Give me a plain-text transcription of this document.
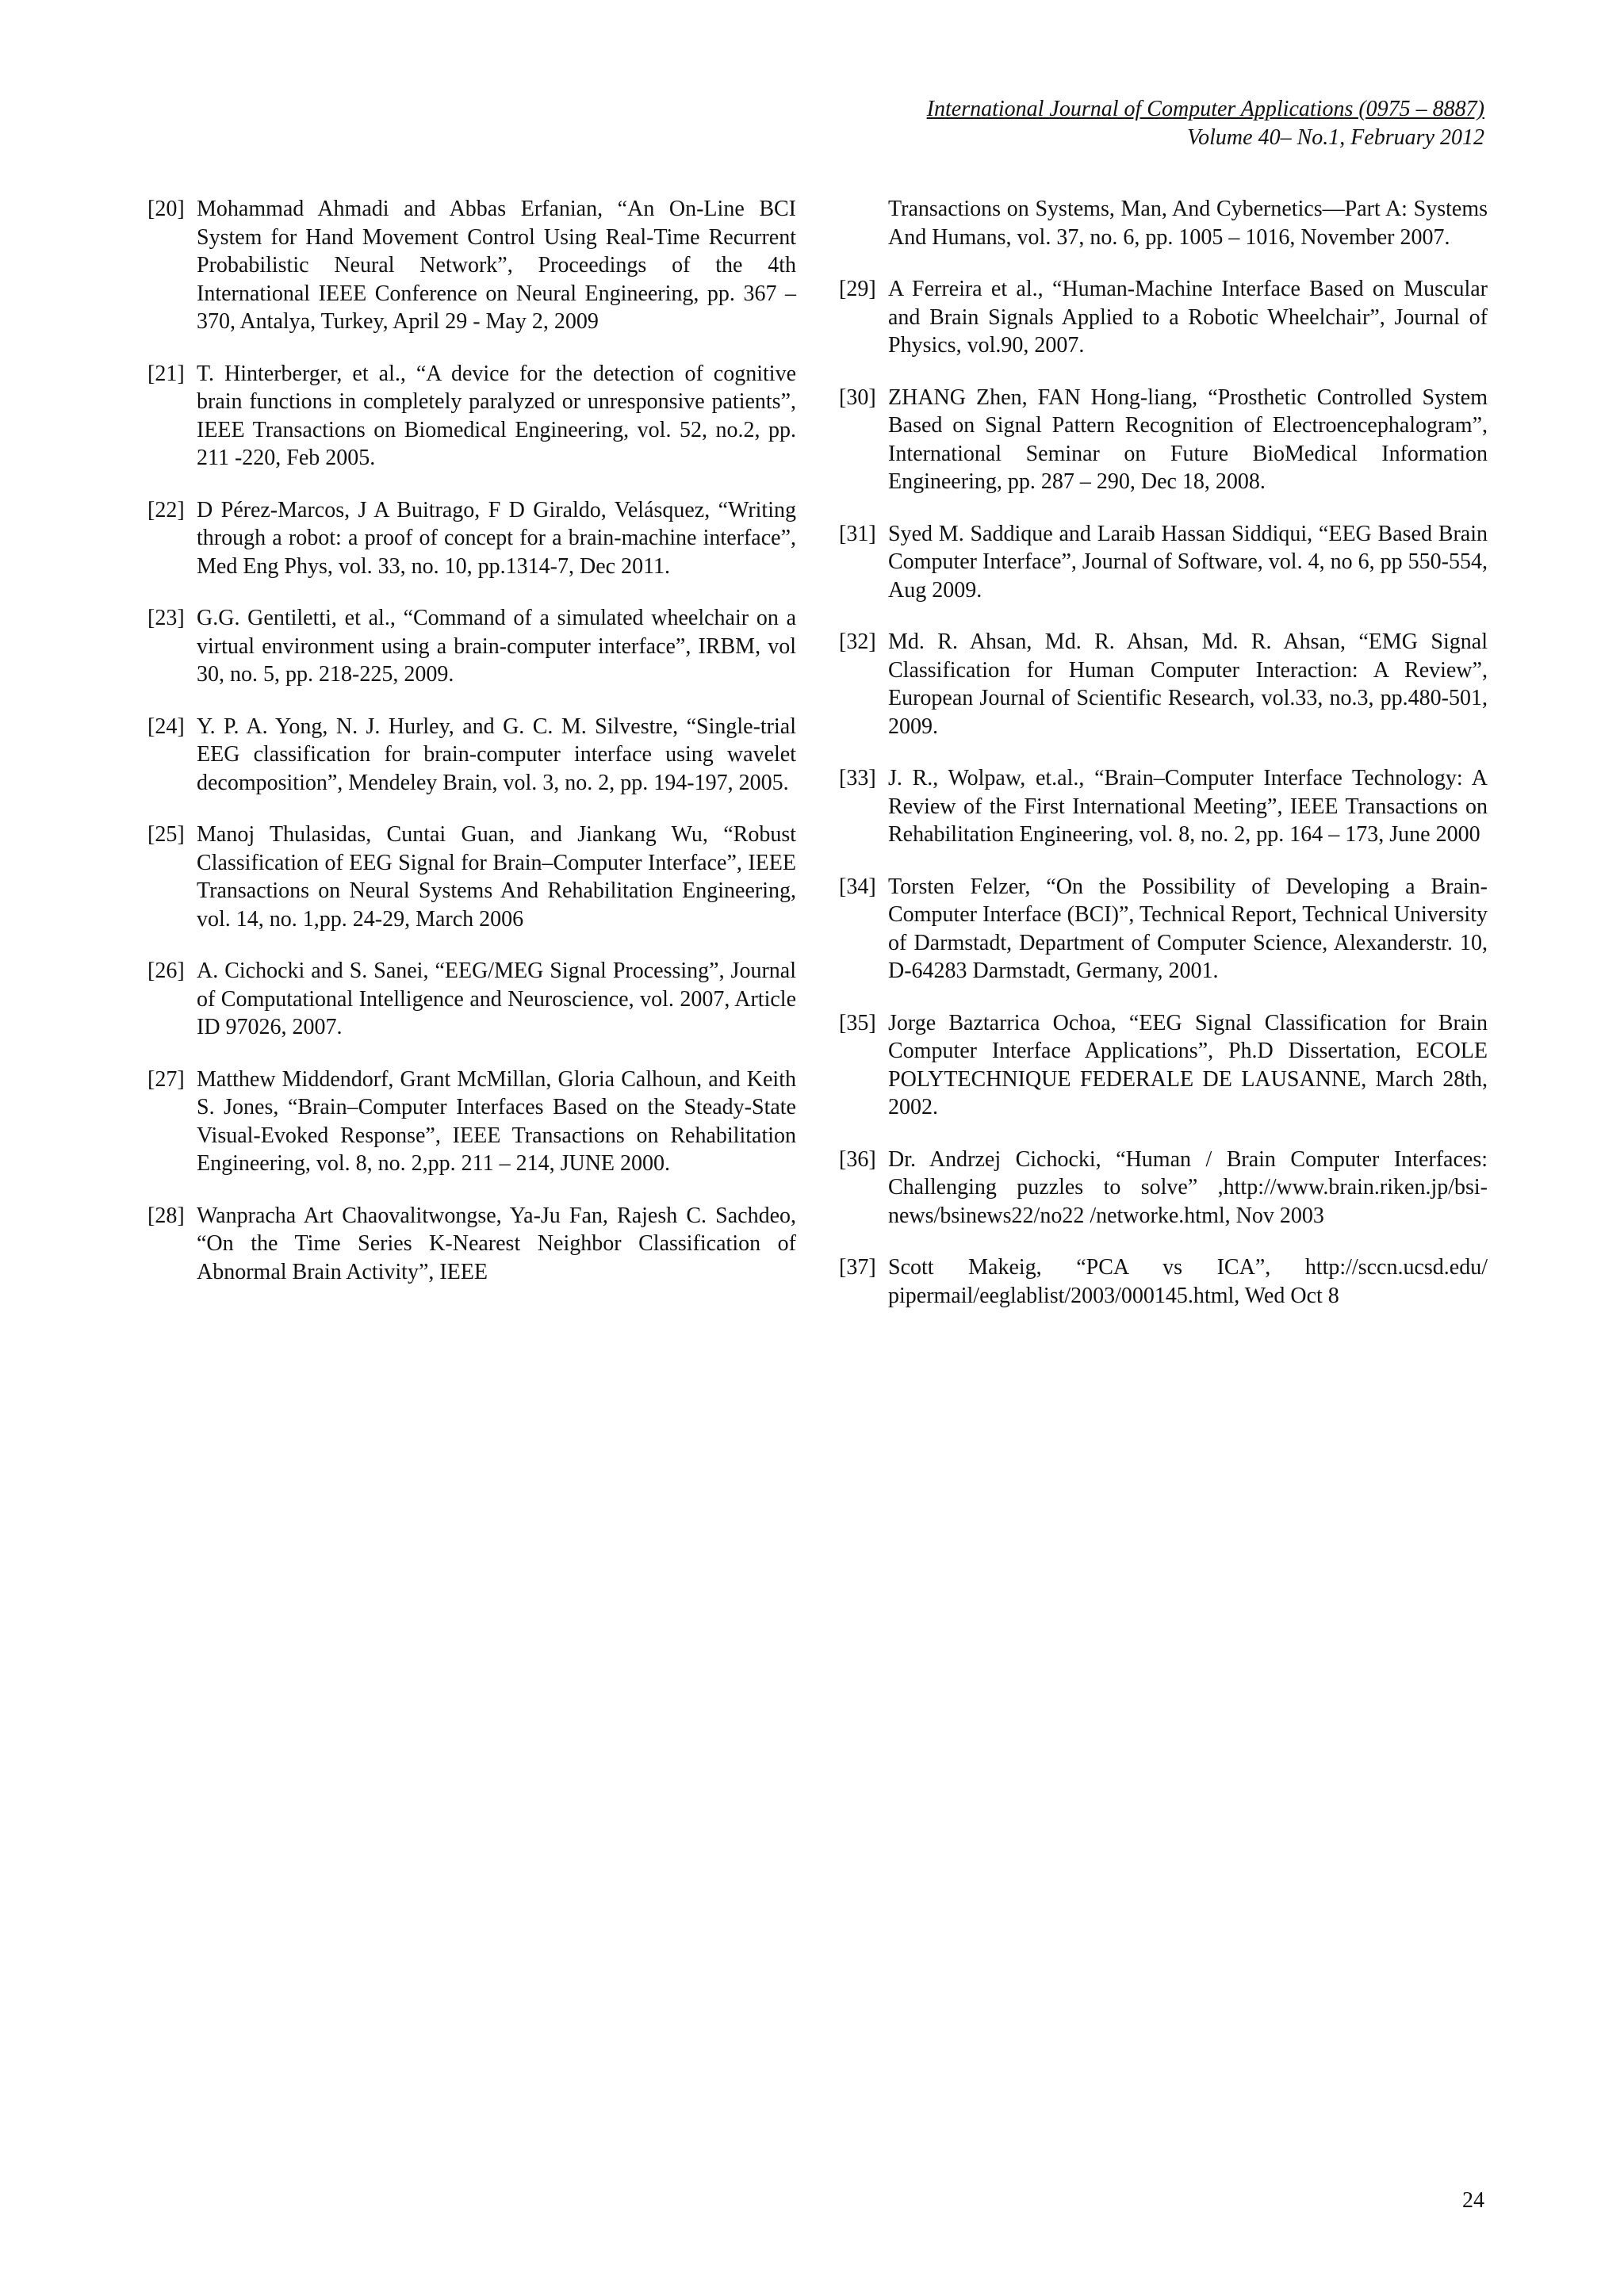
International Journal of Computer Applications (0975 – 8887)
Volume 40– No.1, February 2012
[20] Mohammad Ahmadi and Abbas Erfanian, “An On-Line BCI System for Hand Movement Control Using Real-Time Recurrent Probabilistic Neural Network”, Proceedings of the 4th International IEEE Conference on Neural Engineering, pp. 367 – 370, Antalya, Turkey, April 29 - May 2, 2009
[21] T. Hinterberger, et al., “A device for the detection of cognitive brain functions in completely paralyzed or unresponsive patients”, IEEE Transactions on Biomedical Engineering, vol. 52, no.2, pp. 211 -220, Feb 2005.
[22] D Pérez-Marcos, J A Buitrago, F D Giraldo, Velásquez, “Writing through a robot: a proof of concept for a brain-machine interface”, Med Eng Phys, vol. 33, no. 10, pp.1314-7, Dec 2011.
[23] G.G. Gentiletti, et al., “Command of a simulated wheelchair on a virtual environment using a brain-computer interface”, IRBM, vol 30, no. 5, pp. 218-225, 2009.
[24] Y. P. A. Yong, N. J. Hurley, and G. C. M. Silvestre, “Single-trial EEG classification for brain-computer interface using wavelet decomposition”, Mendeley Brain, vol. 3, no. 2, pp. 194-197, 2005.
[25] Manoj Thulasidas, Cuntai Guan, and Jiankang Wu, “Robust Classification of EEG Signal for Brain–Computer Interface”, IEEE Transactions on Neural Systems And Rehabilitation Engineering, vol. 14, no. 1,pp. 24-29, March 2006
[26] A. Cichocki and S. Sanei, “EEG/MEG Signal Processing”, Journal of Computational Intelligence and Neuroscience, vol. 2007, Article ID 97026, 2007.
[27] Matthew Middendorf, Grant McMillan, Gloria Calhoun, and Keith S. Jones, “Brain–Computer Interfaces Based on the Steady-State Visual-Evoked Response”, IEEE Transactions on Rehabilitation Engineering, vol. 8, no. 2,pp. 211 – 214, JUNE 2000.
[28] Wanpracha Art Chaovalitwongse, Ya-Ju Fan, Rajesh C. Sachdeo, “On the Time Series K-Nearest Neighbor Classification of Abnormal Brain Activity”, IEEE
Transactions on Systems, Man, And Cybernetics—Part A: Systems And Humans, vol. 37, no. 6, pp. 1005 – 1016, November 2007.
[29] A Ferreira et al., “Human-Machine Interface Based on Muscular and Brain Signals Applied to a Robotic Wheelchair”, Journal of Physics, vol.90, 2007.
[30] ZHANG Zhen, FAN Hong-liang, “Prosthetic Controlled System Based on Signal Pattern Recognition of Electroencephalogram”, International Seminar on Future BioMedical Information Engineering, pp. 287 – 290, Dec 18, 2008.
[31] Syed M. Saddique and Laraib Hassan Siddiqui, “EEG Based Brain Computer Interface”, Journal of Software, vol. 4, no 6, pp 550-554, Aug 2009.
[32] Md. R. Ahsan, Md. R. Ahsan, Md. R. Ahsan, “EMG Signal Classification for Human Computer Interaction: A Review”, European Journal of Scientific Research, vol.33, no.3, pp.480-501, 2009.
[33] J. R., Wolpaw, et.al., “Brain–Computer Interface Technology: A Review of the First International Meeting”, IEEE Transactions on Rehabilitation Engineering, vol. 8, no. 2, pp. 164 – 173, June 2000
[34] Torsten Felzer, “On the Possibility of Developing a Brain-Computer Interface (BCI)”, Technical Report, Technical University of Darmstadt, Department of Computer Science, Alexanderstr. 10, D-64283 Darmstadt, Germany, 2001.
[35] Jorge Baztarrica Ochoa, “EEG Signal Classification for Brain Computer Interface Applications”, Ph.D Dissertation, ECOLE POLYTECHNIQUE FEDERALE DE LAUSANNE, March 28th, 2002.
[36] Dr. Andrzej Cichocki, “Human / Brain Computer Interfaces: Challenging puzzles to solve” ,http://www.brain.riken.jp/bsi-news/bsinews22/no22 /networke.html, Nov 2003
[37] Scott Makeig, “PCA vs ICA”, http://sccn.ucsd.edu/ pipermail/eeglablist/2003/000145.html, Wed Oct 8
24
